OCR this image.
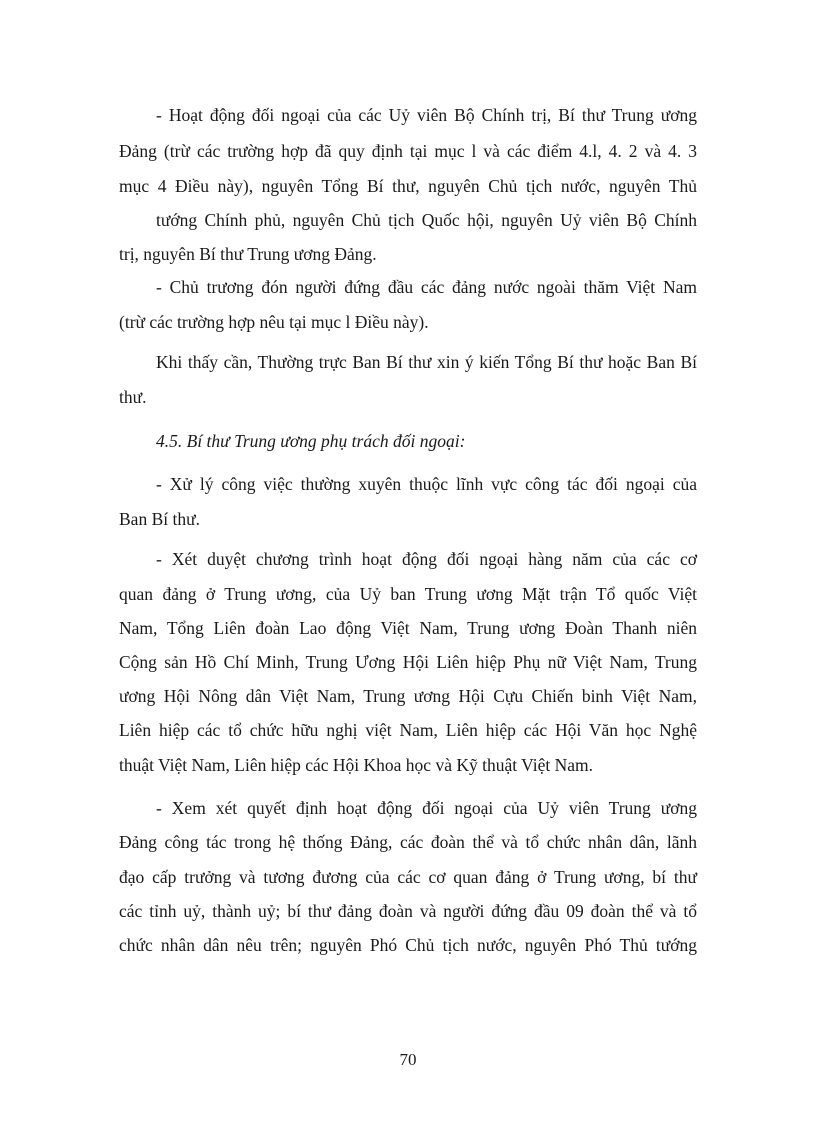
- Hoạt động đối ngoại của các Uỷ viên Bộ Chính trị, Bí thư Trung ương
Đảng (trừ các trường hợp đã quy định tại mục l và các điểm 4.l, 4. 2 và 4. 3
mục 4 Điều này), nguyên Tổng Bí thư, nguyên Chủ tịch nước, nguyên Thủ
tướng Chính phủ, nguyên Chủ tịch Quốc hội, nguyên Uỷ viên Bộ Chính
trị, nguyên Bí thư Trung ương Đảng.
- Chủ trương đón người đứng đầu các đảng nước ngoài thăm Việt Nam
(trừ các trường hợp nêu tại mục l Điều này).
Khi thấy cần, Thường trực Ban Bí thư xin ý kiến Tổng Bí thư hoặc Ban Bí
thư.
4.5. Bí thư Trung ương phụ trách đối ngoại:
- Xử lý công việc thường xuyên thuộc lĩnh vực công tác đối ngoại của
Ban Bí thư.
- Xét duyệt chương trình hoạt động đối ngoại hàng năm của các cơ
quan đảng ở Trung ương, của Uỷ ban Trung ương Mặt trận Tổ quốc Việt
Nam, Tổng Liên đoàn Lao động Việt Nam, Trung ương Đoàn Thanh niên
Cộng sản Hồ Chí Minh, Trung Ương Hội Liên hiệp Phụ nữ Việt Nam, Trung
ương Hội Nông dân Việt Nam, Trung ương Hội Cựu Chiến binh Việt Nam,
Liên hiệp các tổ chức hữu nghị việt Nam, Liên hiệp các Hội Văn học Nghệ
thuật Việt Nam, Liên hiệp các Hội Khoa học và Kỹ thuật Việt Nam.
- Xem xét quyết định hoạt động đối ngoại của Uỷ viên Trung ương
Đảng công tác trong hệ thống Đảng, các đoàn thể và tổ chức nhân dân, lãnh
đạo cấp trưởng và tương đương của các cơ quan đảng ở Trung ương, bí thư
các tỉnh uỷ, thành uỷ; bí thư đảng đoàn và người đứng đầu 09 đoàn thể và tổ
chức nhân dân nêu trên; nguyên Phó Chủ tịch nước, nguyên Phó Thủ tướng
70
